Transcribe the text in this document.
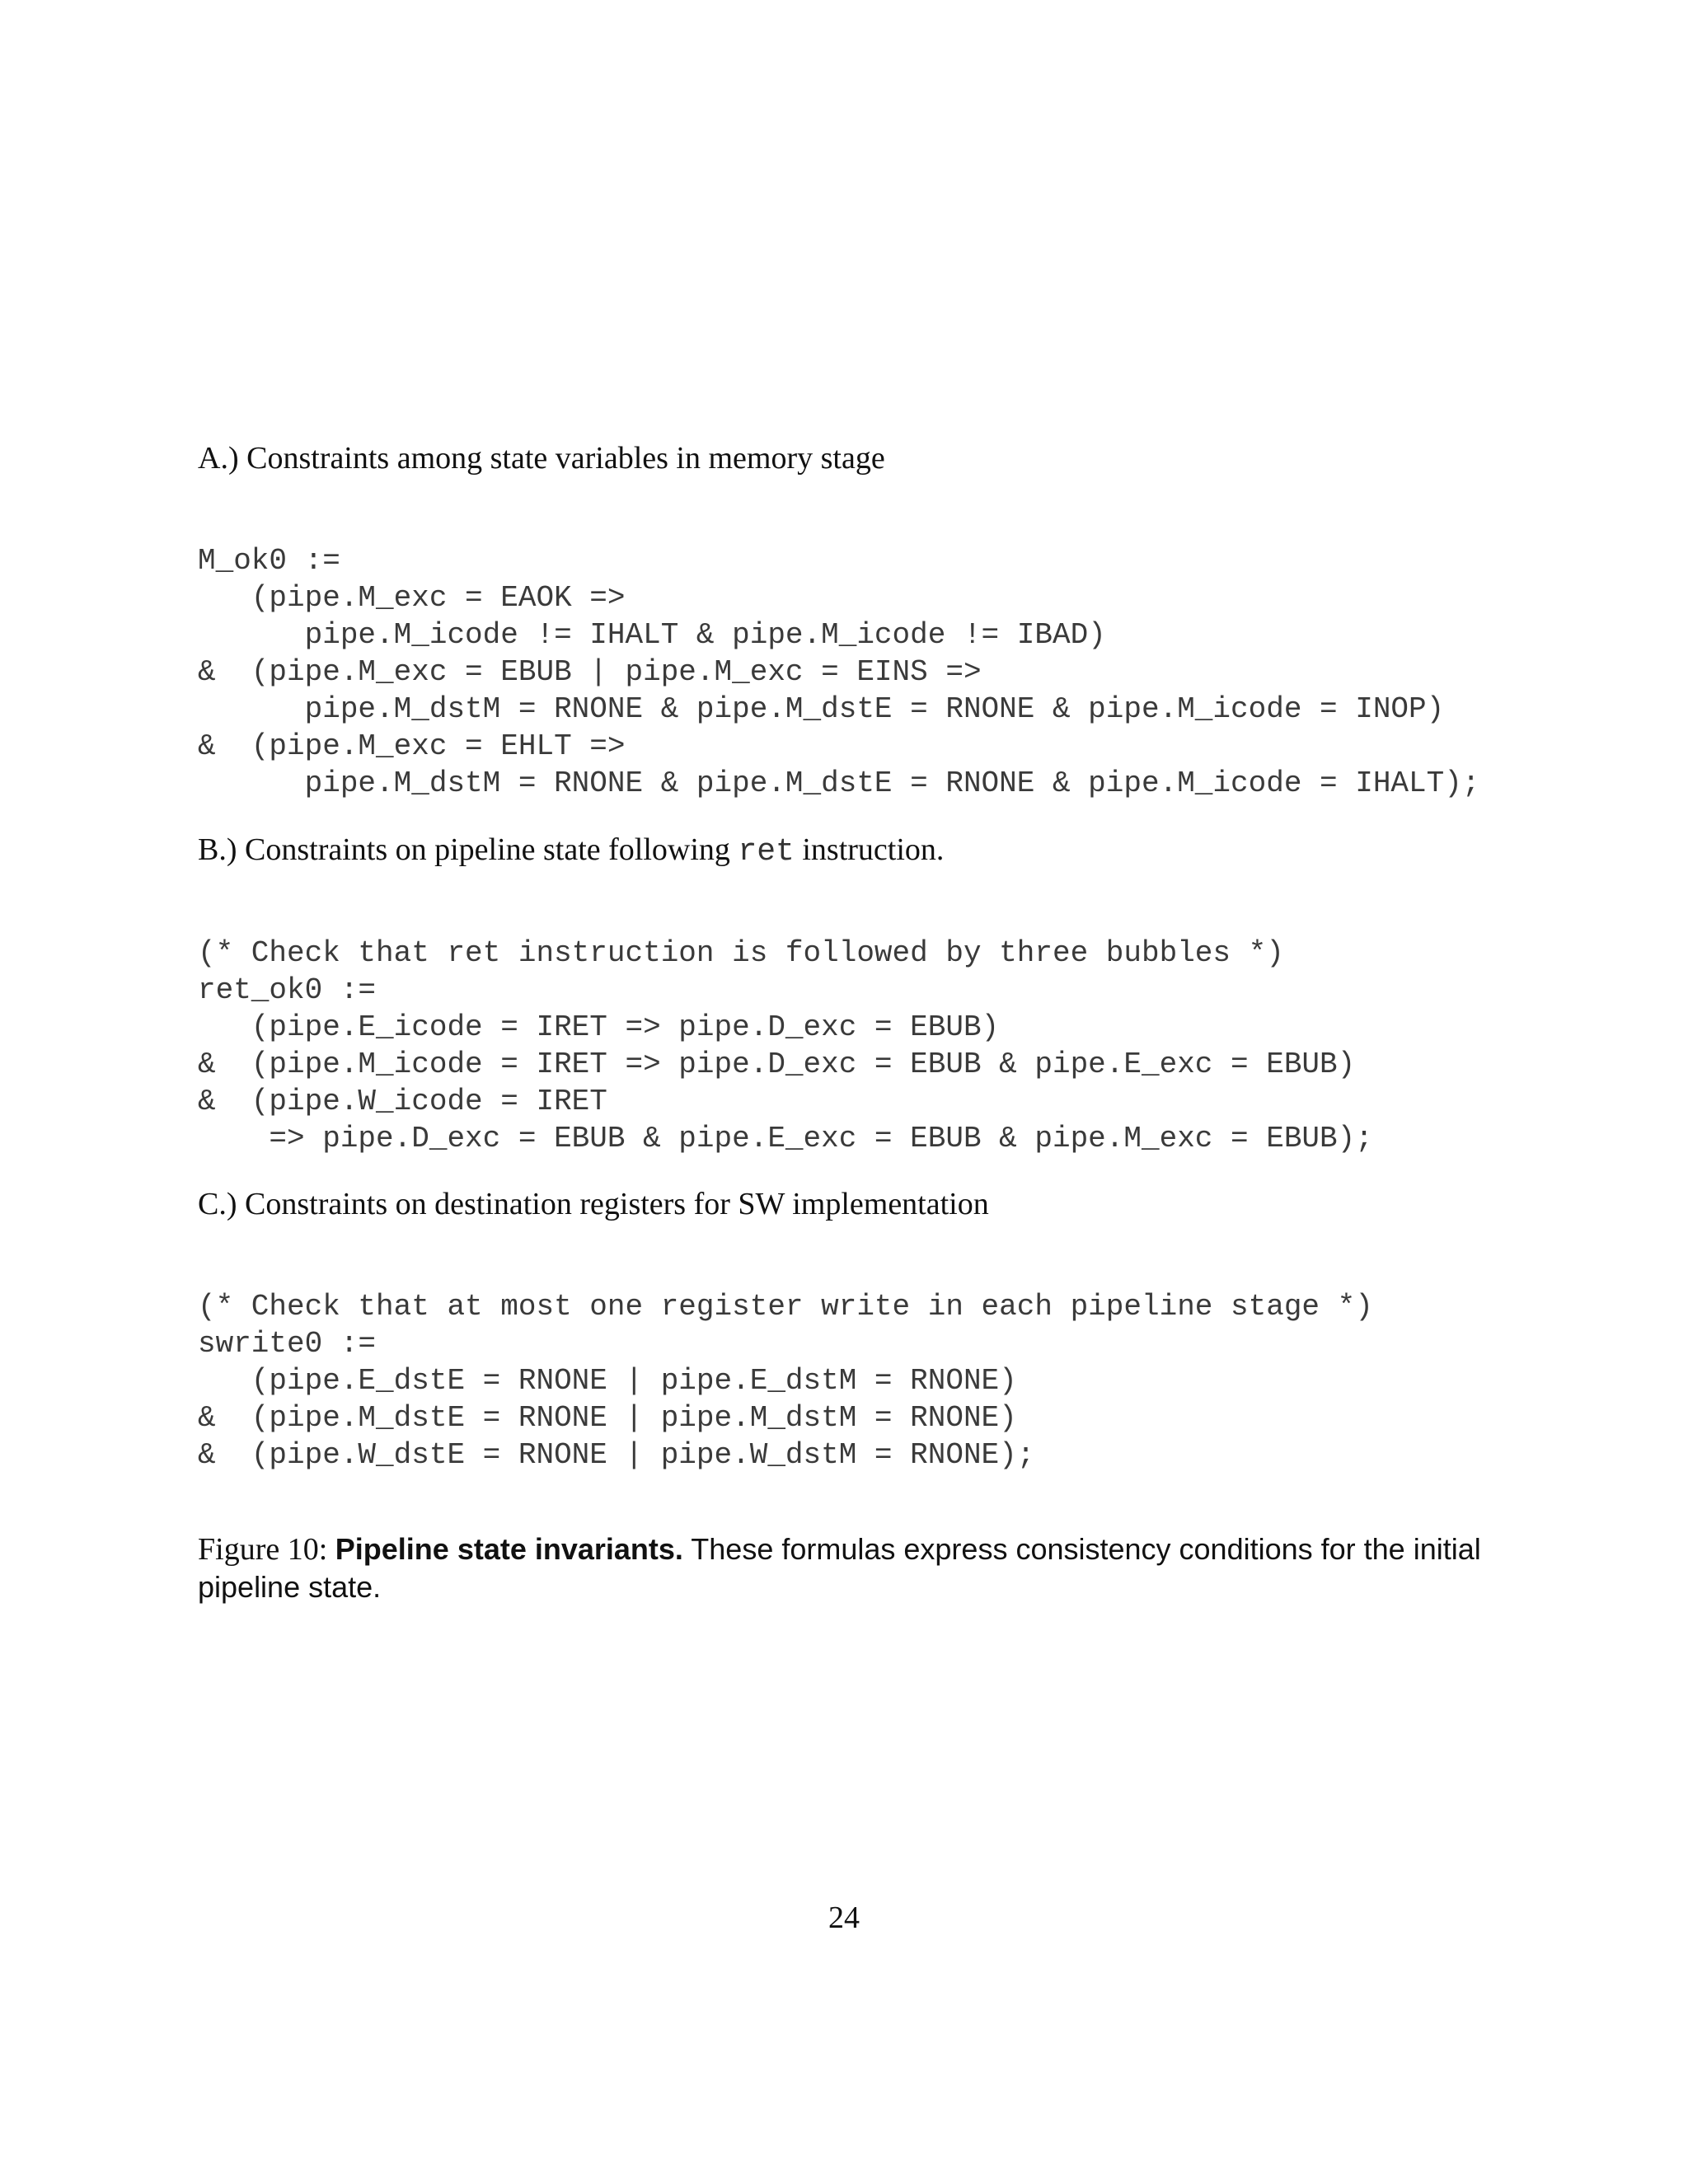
A.) Constraints among state variables in memory stage
M_ok0 :=
(pipe.M_exc = EAOK =>
pipe.M_icode != IHALT & pipe.M_icode != IBAD)
&  (pipe.M_exc = EBUB | pipe.M_exc = EINS =>
pipe.M_dstM = RNONE & pipe.M_dstE = RNONE & pipe.M_icode = INOP)
&  (pipe.M_exc = EHLT =>
pipe.M_dstM = RNONE & pipe.M_dstE = RNONE & pipe.M_icode = IHALT);
B.) Constraints on pipeline state following ret instruction.
(* Check that ret instruction is followed by three bubbles *)
ret_ok0 :=
(pipe.E_icode = IRET => pipe.D_exc = EBUB)
&  (pipe.M_icode = IRET => pipe.D_exc = EBUB & pipe.E_exc = EBUB)
&  (pipe.W_icode = IRET
=> pipe.D_exc = EBUB & pipe.E_exc = EBUB & pipe.M_exc = EBUB);
C.) Constraints on destination registers for SW implementation
(* Check that at most one register write in each pipeline stage *)
swrite0 :=
(pipe.E_dstE = RNONE | pipe.E_dstM = RNONE)
&  (pipe.M_dstE = RNONE | pipe.M_dstM = RNONE)
&  (pipe.W_dstE = RNONE | pipe.W_dstM = RNONE);
Figure 10: Pipeline state invariants. These formulas express consistency conditions for the initial pipeline state.
24
